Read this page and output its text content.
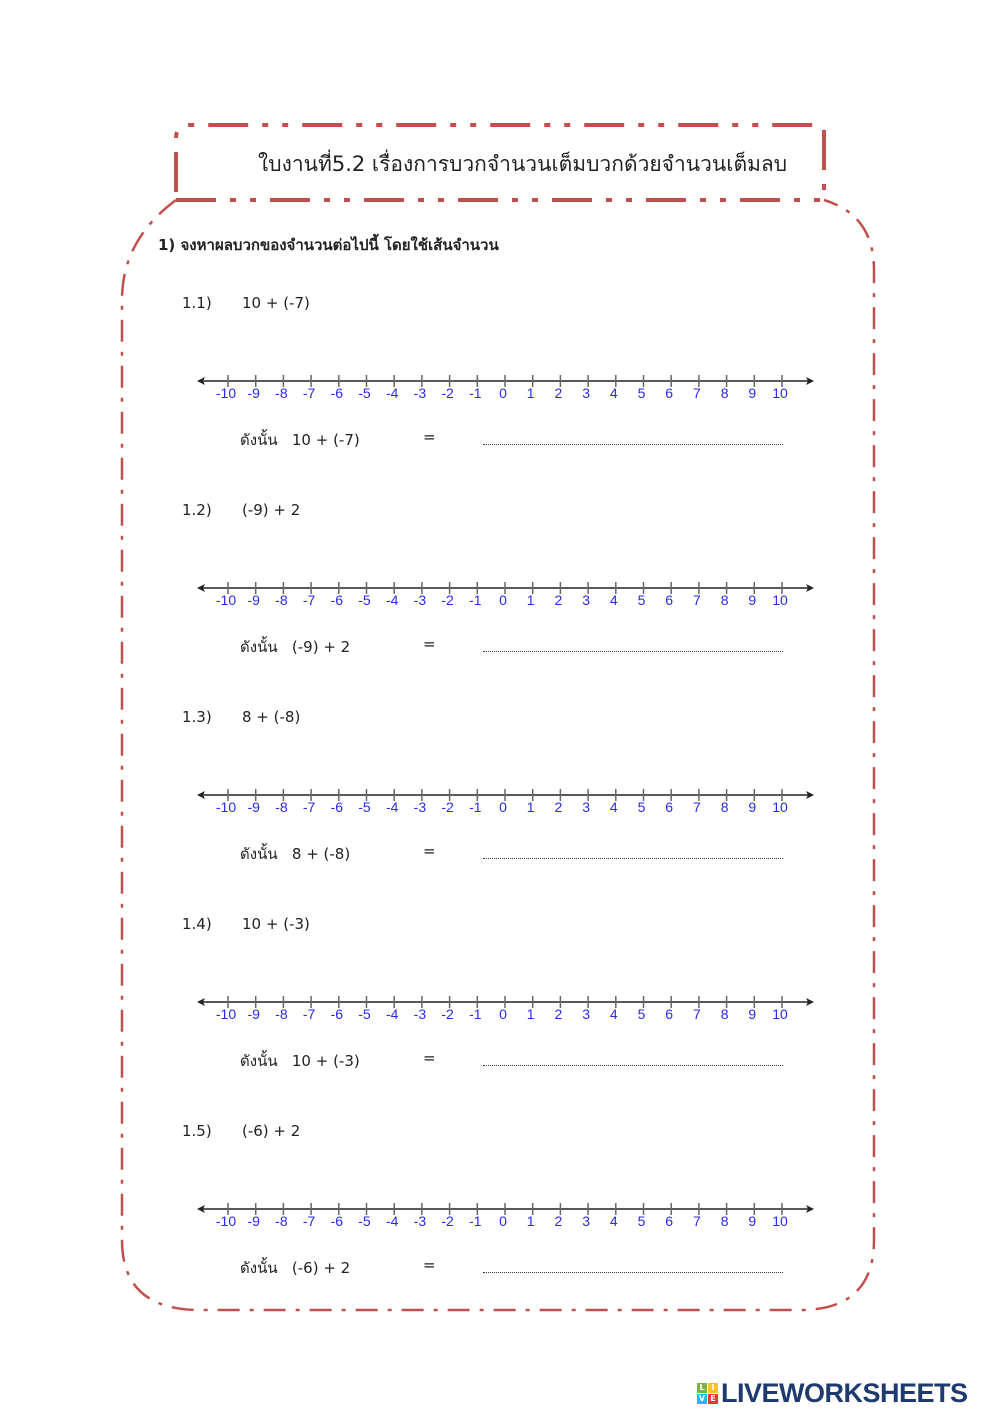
ใบงานที่5.2 เรื่องการบวกจำนวนเต็มบวกด้วยจำนวนเต็มลบ
1) จงหาผลบวกของจำนวนต่อไปนี้ โดยใช้เส้นจำนวน
L I
V E LIVEWORKSHEETS
1.1) 10 + (-7)
-10 -9 -8 -7 -6 -5 -4 -3 -2 -1 0 1 2 3 4 5 6 7 8 9 10
ดังนั้น 10 + (-7)	=
1.2) (-9) + 2
-10 -9 -8 -7 -6 -5 -4 -3 -2 -1 0 1 2 3 4 5 6 7 8 9 10
ดังนั้น (-9) + 2	=
1.3) 8 + (-8)
-10 -9 -8 -7 -6 -5 -4 -3 -2 -1 0 1 2 3 4 5 6 7 8 9 10
ดังนั้น 8 + (-8)	=
1.4) 10 + (-3)
-10 -9 -8 -7 -6 -5 -4 -3 -2 -1 0 1 2 3 4 5 6 7 8 9 10
ดังนั้น 10 + (-3)	=
1.5) (-6) + 2
-10 -9 -8 -7 -6 -5 -4 -3 -2 -1 0 1 2 3 4 5 6 7 8 9 10
ดังนั้น (-6) + 2	=
